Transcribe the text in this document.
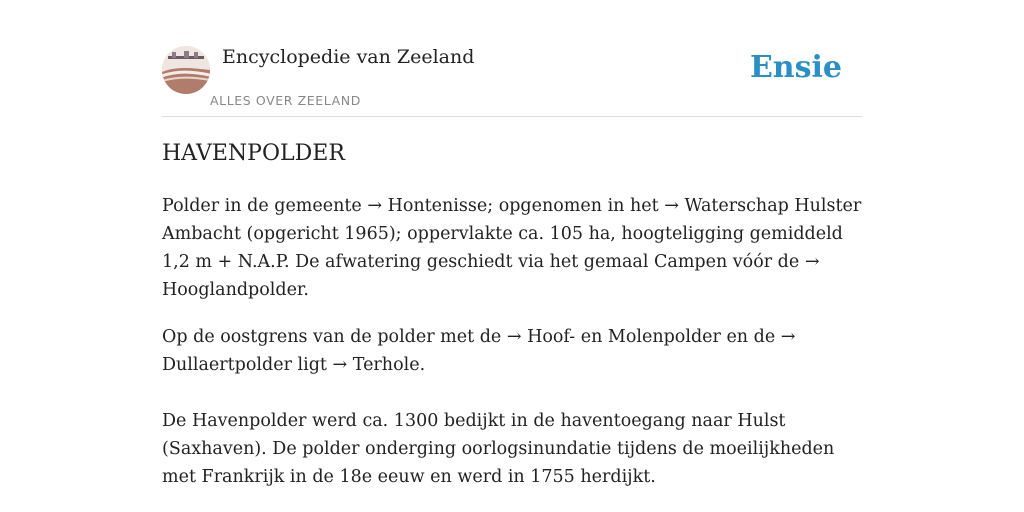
Encyclopedie van Zeeland
ALLES OVER ZEELAND
Ensie
HAVENPOLDER

Polder in de gemeente → Hontenisse; opgenomen in het → Waterschap Hulster Ambacht (opgericht 1965); oppervlakte ca. 105 ha, hoogteligging gemiddeld 1,2 m + N.A.P. De afwatering geschiedt via het gemaal Campen vóór de → Hooglandpolder.

Op de oostgrens van de polder met de → Hoof- en Molenpolder en de → Dullaertpolder ligt → Terhole.

De Havenpolder werd ca. 1300 bedijkt in de haventoegang naar Hulst (Saxhaven). De polder onderging oorlogsinundatie tijdens de moeilijkheden met Frankrijk in de 18e eeuw en werd in 1755 herdijkt.
